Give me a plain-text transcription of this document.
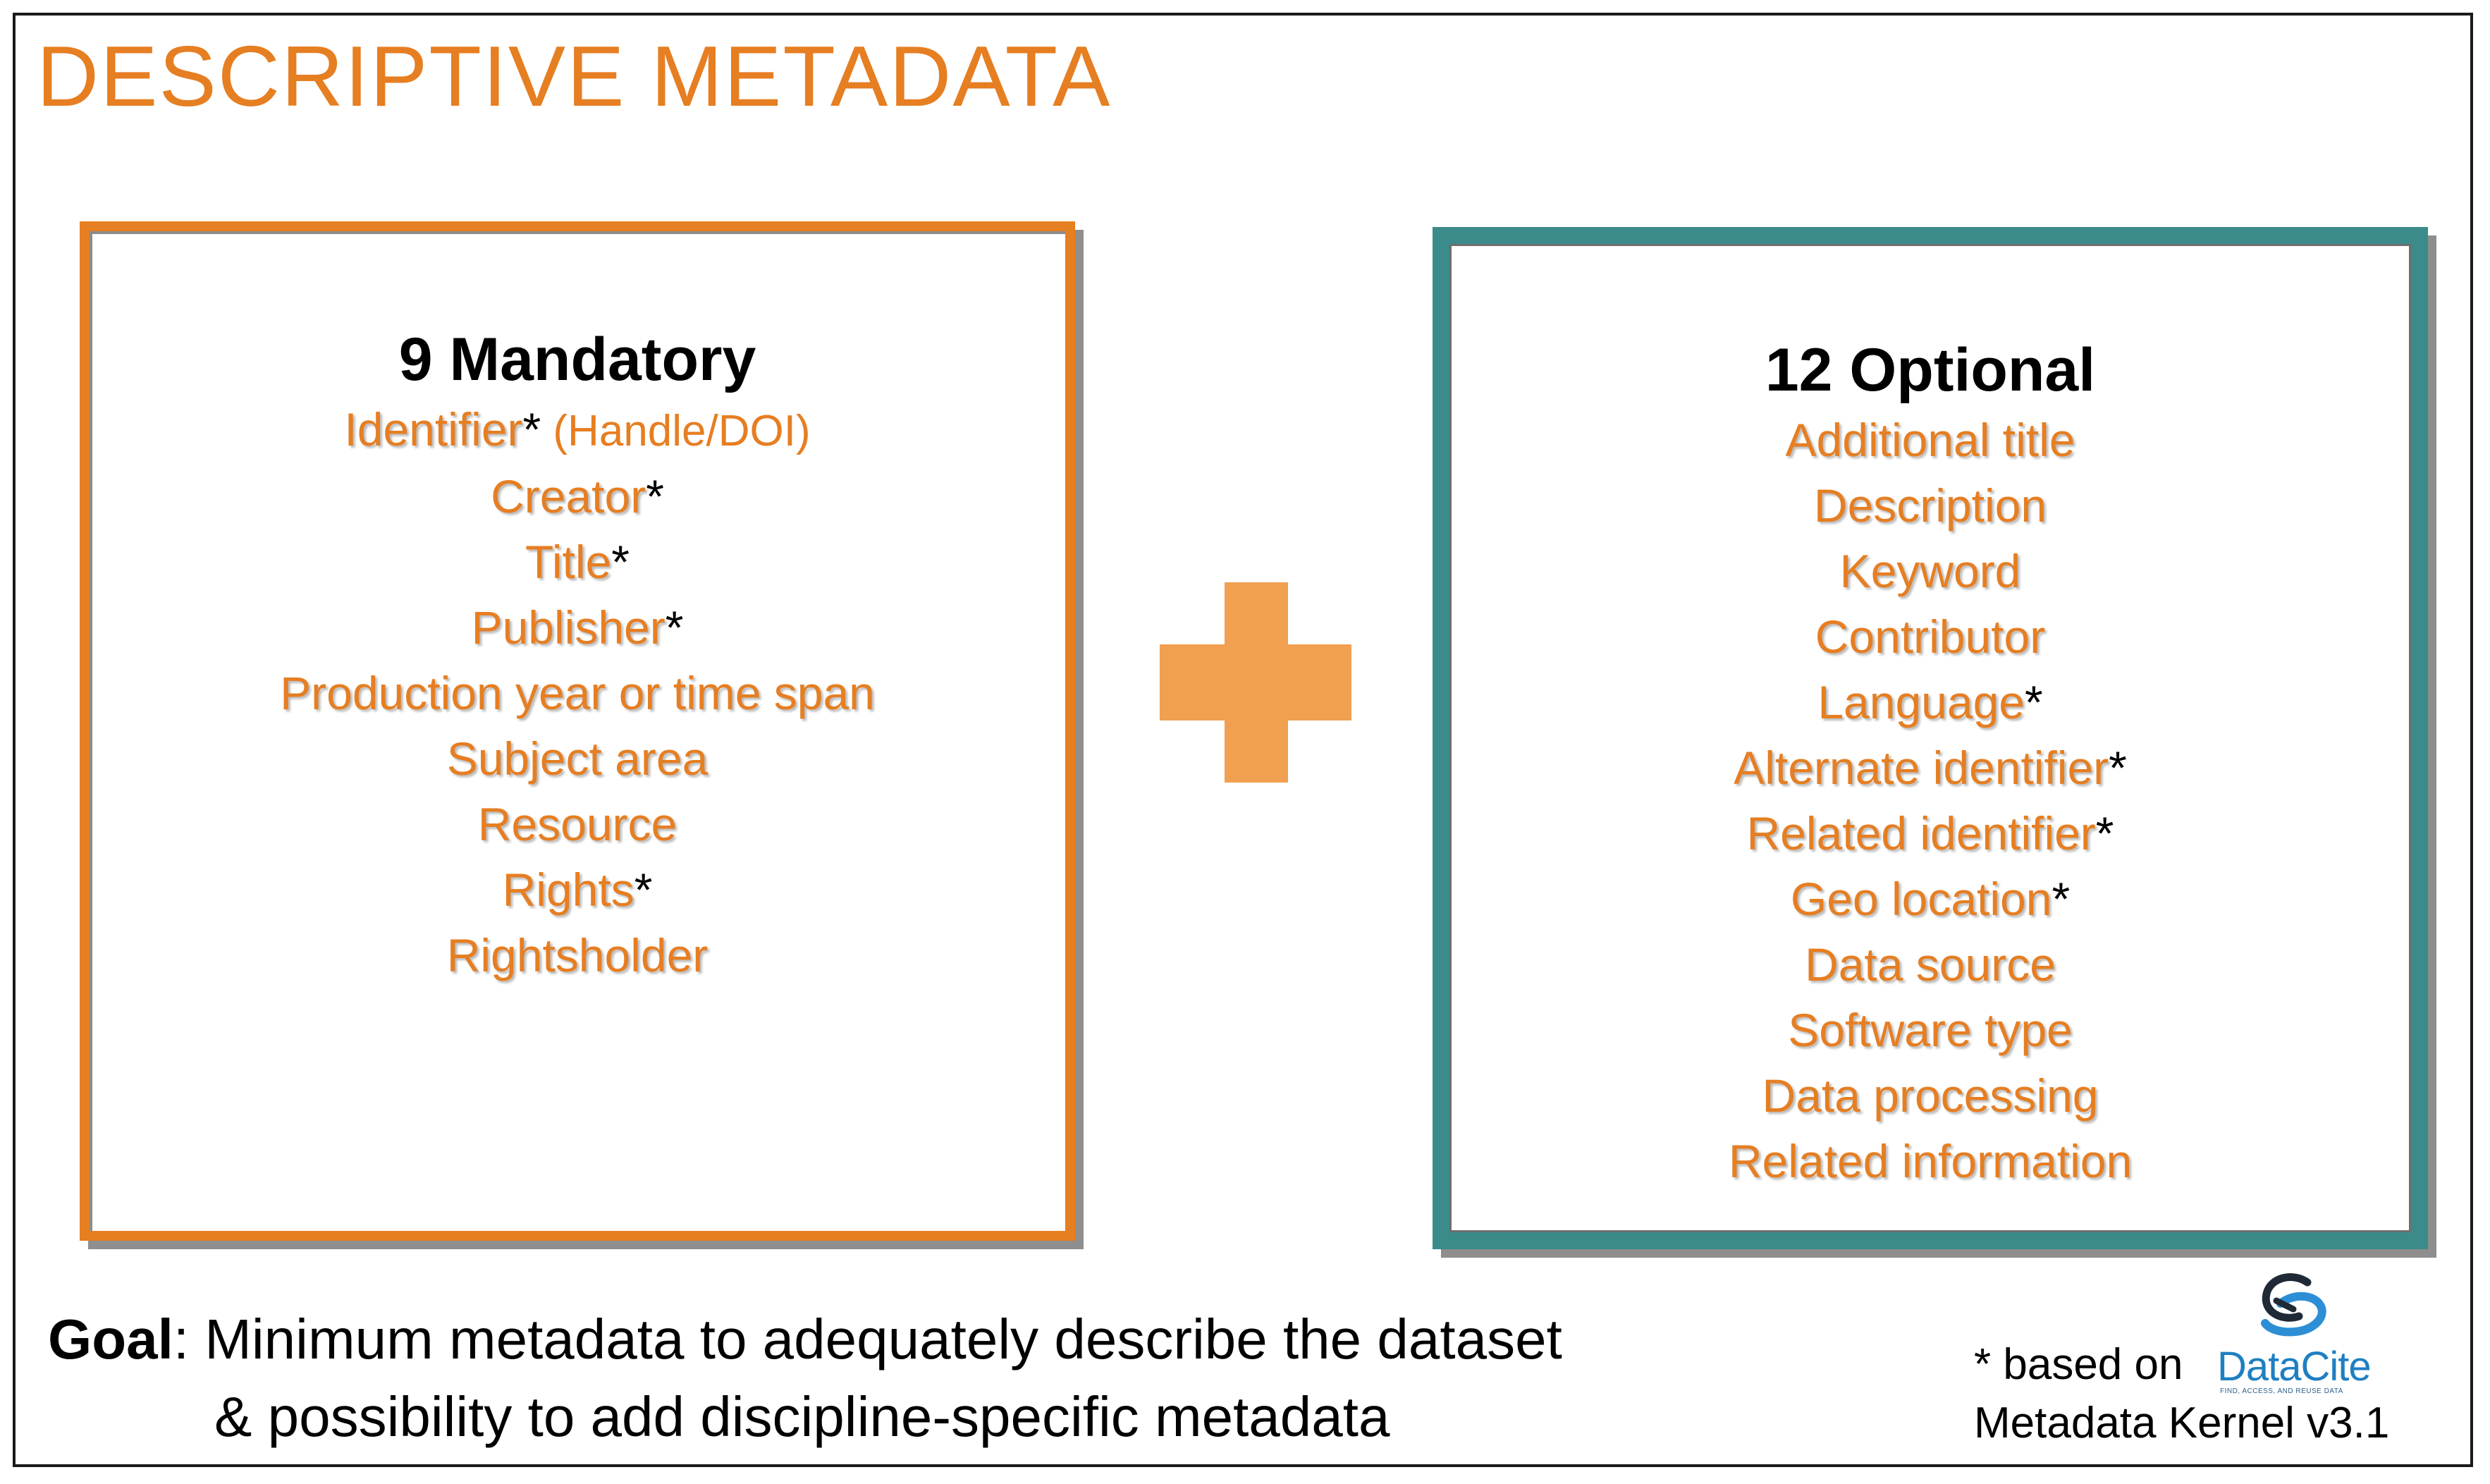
DESCRIPTIVE METADATA
9 Mandatory
Identifier* (Handle/DOI)
Creator*
Title*
Publisher*
Production year or time span
Subject area
Resource
Rights*
Rightsholder
12 Optional
Additional title
Description
Keyword
Contributor
Language*
Alternate identifier*
Related identifier*
Geo location*
Data source
Software type
Data processing
Related information
Goal: Minimum metadata to adequately describe the dataset
& possibility to add discipline-specific metadata
* based on DataCite
FIND, ACCESS, AND REUSE DATA
Metadata Kernel v3.1
